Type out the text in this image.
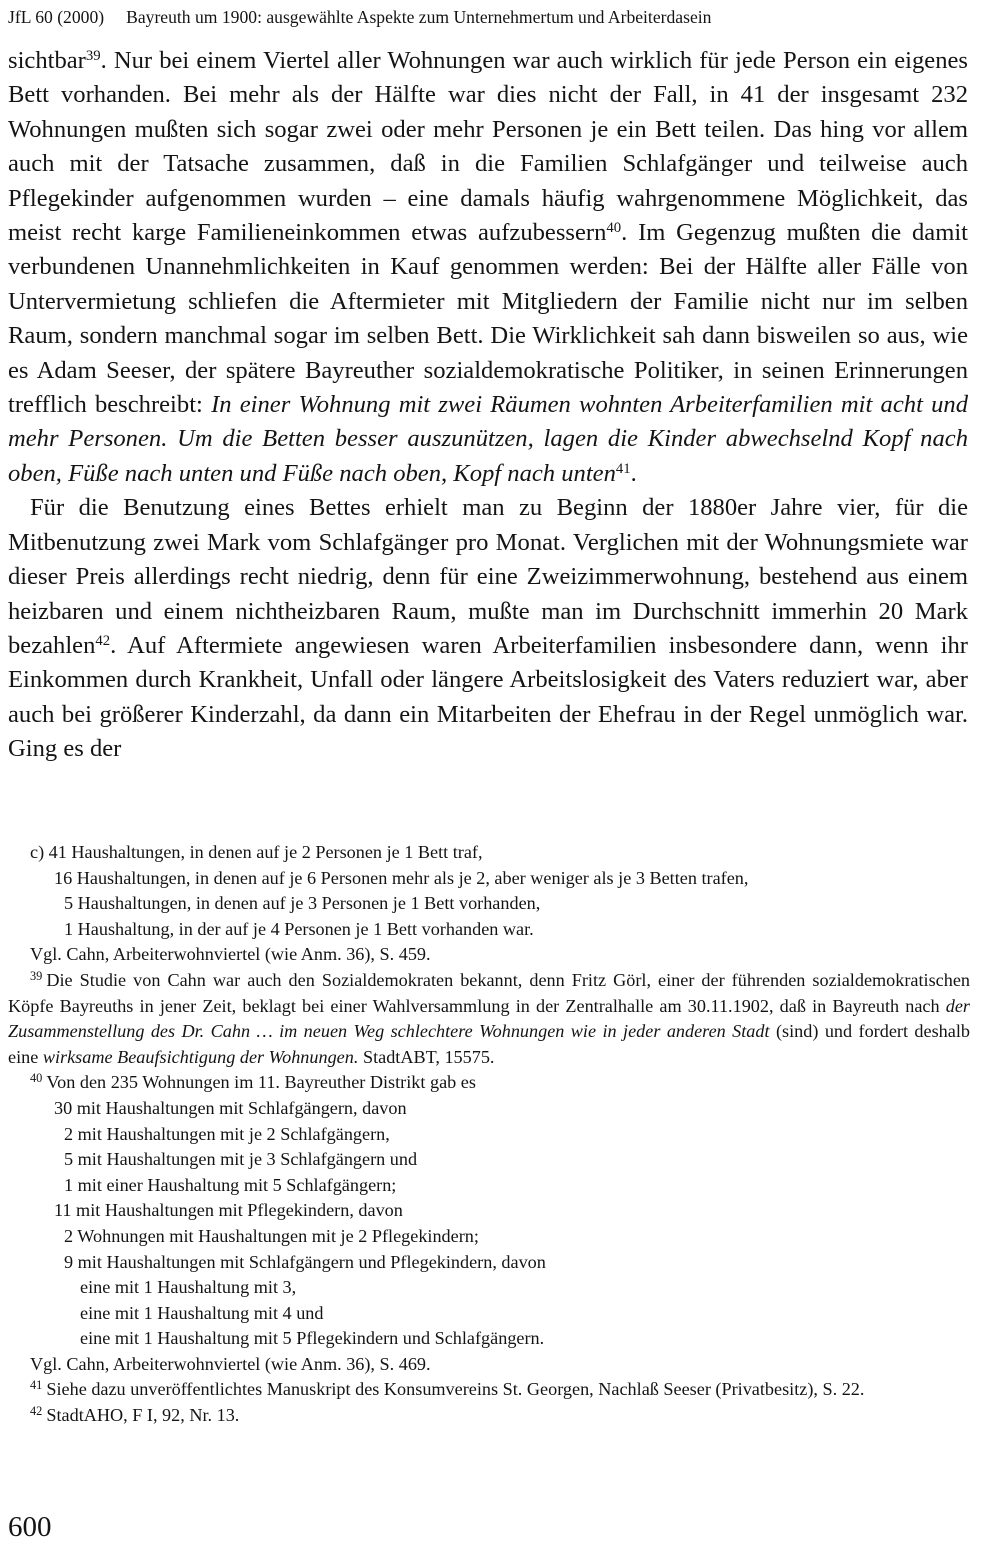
JfL 60 (2000) Bayreuth um 1900: ausgewählte Aspekte zum Unternehmertum und Arbeiterdasein

sichtbar$^{39}$. Nur bei einem Viertel aller Wohnungen war auch wirklich für jede Person ein eigenes Bett vorhanden. Bei mehr als der Hälfte war dies nicht der Fall, in 41 der insgesamt 232 Wohnungen mußten sich sogar zwei oder mehr Personen je ein Bett teilen. Das hing vor allem auch mit der Tatsache zusammen, daß in die Familien Schlafgänger und teilweise auch Pflegekinder aufgenommen wurden – eine damals häufig wahrgenommene Möglichkeit, das meist recht karge Familieneinkommen etwas aufzubessern$^{40}$. Im Gegenzug mußten die damit verbundenen Unannehmlichkeiten in Kauf genommen werden: Bei der Hälfte aller Fälle von Untervermietung schliefen die Aftermieter mit Mitgliedern der Familie nicht nur im selben Raum, sondern manchmal sogar im selben Bett. Die Wirklichkeit sah dann bisweilen so aus, wie es Adam Seeser, der spätere Bayreuther sozialdemokratische Politiker, in seinen Erinnerungen trefflich beschreibt: In einer Wohnung mit zwei Räumen wohnten Arbeiterfamilien mit acht und mehr Personen. Um die Betten besser auszunützen, lagen die Kinder abwechselnd Kopf nach oben, Füße nach unten und Füße nach oben, Kopf nach unten$^{41}$.

Für die Benutzung eines Bettes erhielt man zu Beginn der 1880er Jahre vier, für die Mitbenutzung zwei Mark vom Schlafgänger pro Monat. Verglichen mit der Wohnungsmiete war dieser Preis allerdings recht niedrig, denn für eine Zweizimmerwohnung, bestehend aus einem heizbaren und einem nichtheizbaren Raum, mußte man im Durchschnitt immerhin 20 Mark bezahlen$^{42}$. Auf Aftermiete angewiesen waren Arbeiterfamilien insbesondere dann, wenn ihr Einkommen durch Krankheit, Unfall oder längere Arbeitslosigkeit des Vaters reduziert war, aber auch bei größerer Kinderzahl, da dann ein Mitarbeiten der Ehefrau in der Regel unmöglich war. Ging es der

c) 41 Haushaltungen, in denen auf je 2 Personen je 1 Bett traf,
16 Haushaltungen, in denen auf je 6 Personen mehr als je 2, aber weniger als je 3 Betten trafen,
5 Haushaltungen, in denen auf je 3 Personen je 1 Bett vorhanden,
1 Haushaltung, in der auf je 4 Personen je 1 Bett vorhanden war.
Vgl. Cahn, Arbeiterwohnviertel (wie Anm. 36), S. 459.

$^{39}$ Die Studie von Cahn war auch den Sozialdemokraten bekannt, denn Fritz Görl, einer der führenden sozialdemokratischen Köpfe Bayreuths in jener Zeit, beklagt bei einer Wahlversammlung in der Zentralhalle am 30.11.1902, daß in Bayreuth nach der Zusammenstellung des Dr. Cahn … im neuen Weg schlechtere Wohnungen wie in jeder anderen Stadt (sind) und fordert deshalb eine wirksame Beaufsichtigung der Wohnungen. StadtABT, 15575.

$^{40}$ Von den 235 Wohnungen im 11. Bayreuther Distrikt gab es
30 mit Haushaltungen mit Schlafgängern, davon
2 mit Haushaltungen mit je 2 Schlafgängern,
5 mit Haushaltungen mit je 3 Schlafgängern und
1 mit einer Haushaltung mit 5 Schlafgängern;
11 mit Haushaltungen mit Pflegekindern, davon
2 Wohnungen mit Haushaltungen mit je 2 Pflegekindern;
9 mit Haushaltungen mit Schlafgängern und Pflegekindern, davon
eine mit 1 Haushaltung mit 3,
eine mit 1 Haushaltung mit 4 und
eine mit 1 Haushaltung mit 5 Pflegekindern und Schlafgängern.
Vgl. Cahn, Arbeiterwohnviertel (wie Anm. 36), S. 469.

$^{41}$ Siehe dazu unveröffentlichtes Manuskript des Konsumvereins St. Georgen, Nachlaß Seeser (Privatbesitz), S. 22.

$^{42}$ StadtAHO, F I, 92, Nr. 13.

600
